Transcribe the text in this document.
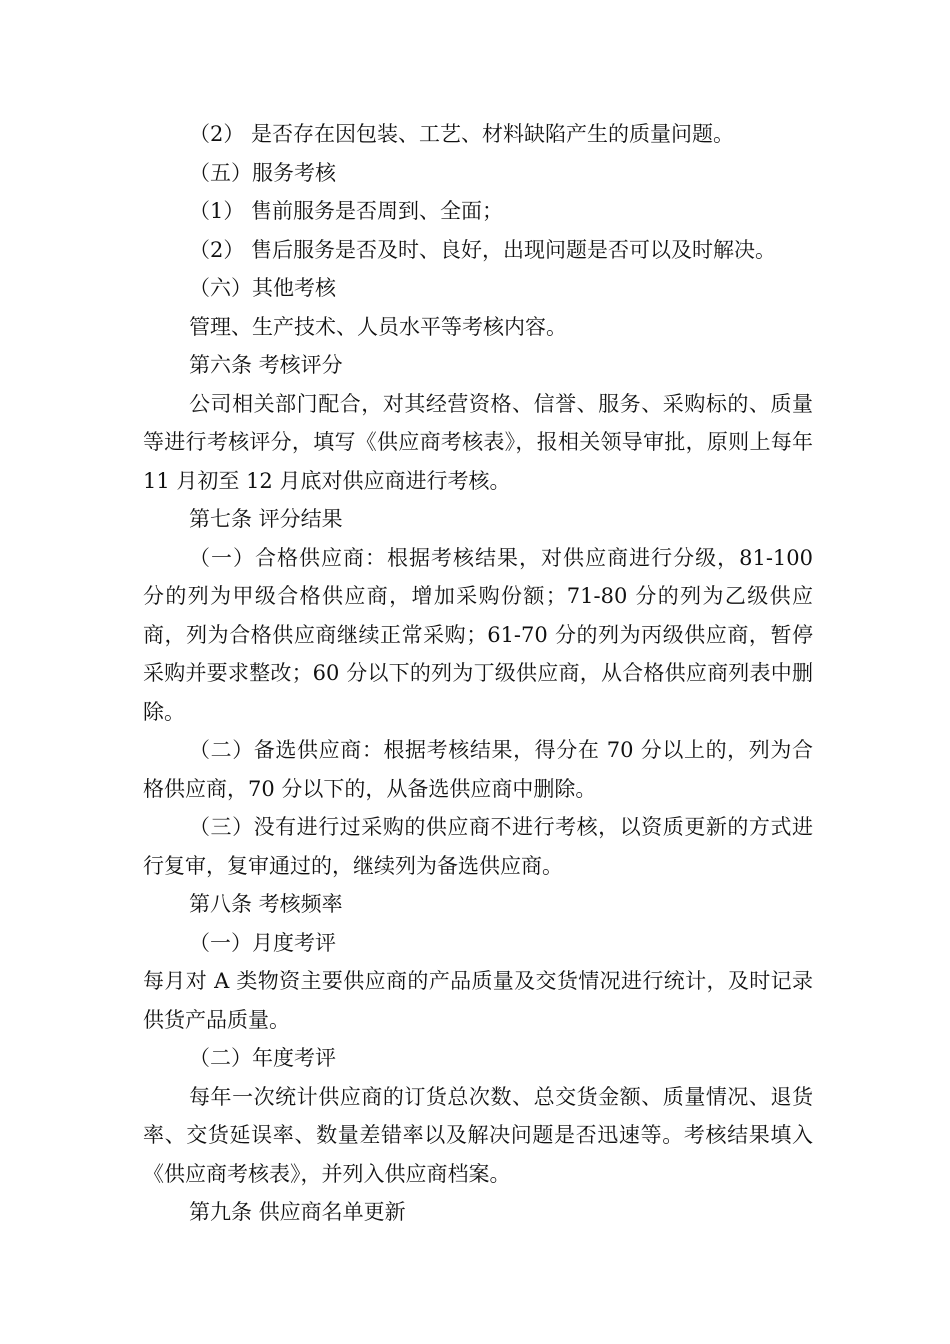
（2） 是否存在因包装、工艺、材料缺陷产生的质量问题。
（五）服务考核
（1） 售前服务是否周到、全面；
（2） 售后服务是否及时、良好，出现问题是否可以及时解决。
（六）其他考核
管理、生产技术、人员水平等考核内容。
第六条 考核评分
公司相关部门配合，对其经营资格、信誉、服务、采购标的、质量等进行考核评分，填写《供应商考核表》，报相关领导审批，原则上每年 11 月初至 12 月底对供应商进行考核。
第七条 评分结果
（一）合格供应商：根据考核结果，对供应商进行分级，81-100 分的列为甲级合格供应商，增加采购份额；71-80 分的列为乙级供应商，列为合格供应商继续正常采购；61-70 分的列为丙级供应商，暂停采购并要求整改；60 分以下的列为丁级供应商，从合格供应商列表中删除。
（二）备选供应商：根据考核结果，得分在 70 分以上的，列为合格供应商，70 分以下的，从备选供应商中删除。
（三）没有进行过采购的供应商不进行考核，以资质更新的方式进行复审，复审通过的，继续列为备选供应商。
第八条 考核频率
（一）月度考评
每月对 A 类物资主要供应商的产品质量及交货情况进行统计，及时记录供货产品质量。
（二）年度考评
每年一次统计供应商的订货总次数、总交货金额、质量情况、退货率、交货延误率、数量差错率以及解决问题是否迅速等。考核结果填入《供应商考核表》，并列入供应商档案。
第九条 供应商名单更新
